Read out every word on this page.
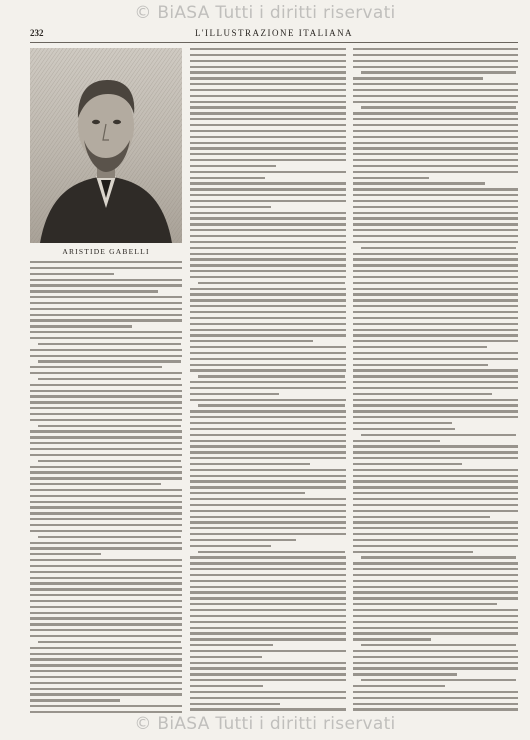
© BiASA Tutti i diritti riservati
232	L'ILLUSTRAZIONE ITALIANA
ARISTIDE GABELLI
© BiASA Tutti i diritti riservati
